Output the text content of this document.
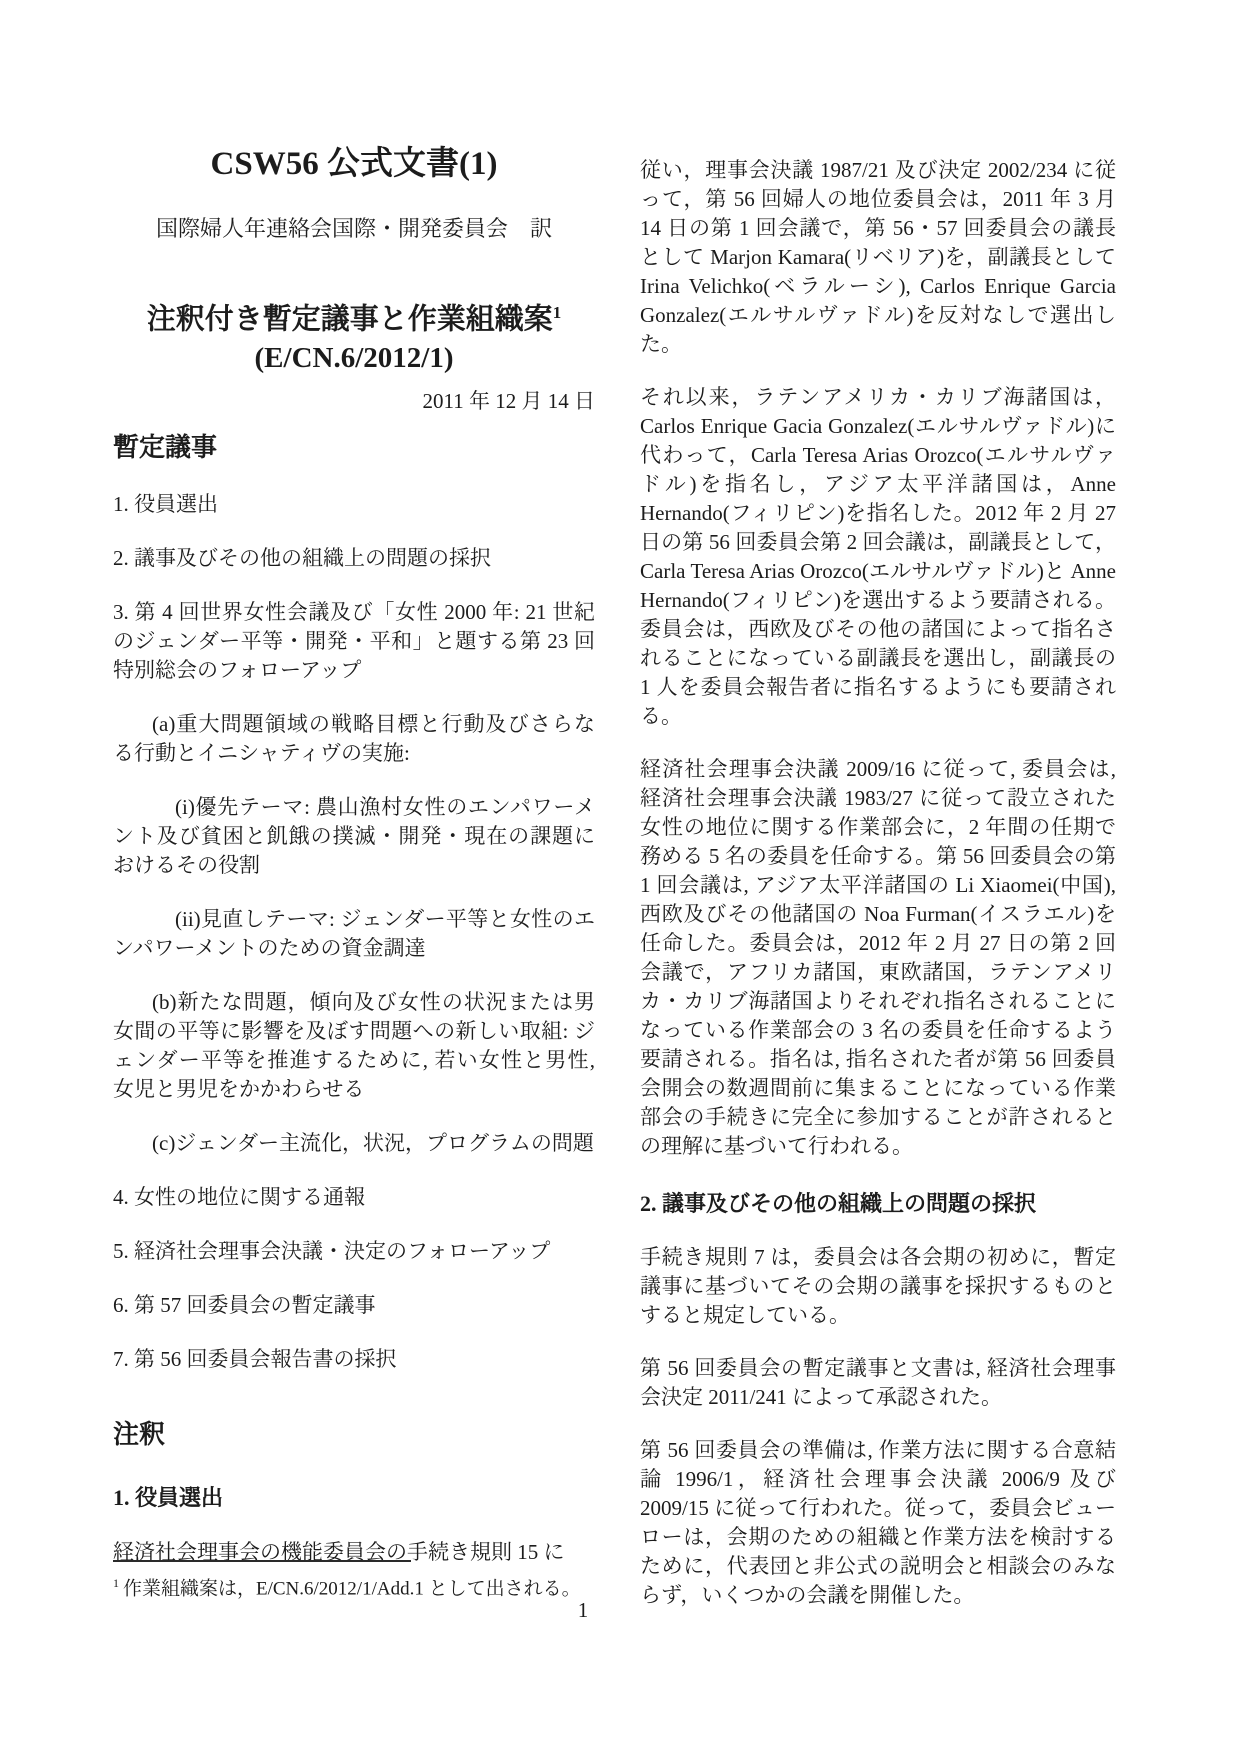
CSW56 公式文書(1)
国際婦人年連絡会国際・開発委員会　訳
注釈付き暫定議事と作業組織案$^1$
(E/CN.6/2012/1)
2011 年 12 月 14 日
暫定議事

1. 役員選出

2. 議事及びその他の組織上の問題の採択

3. 第 4 回世界女性会議及び「女性 2000 年: 21 世紀のジェンダー平等・開発・平和」と題する第 23 回特別総会のフォローアップ

(a)重大問題領域の戦略目標と行動及びさらなる行動とイニシャティヴの実施:

(i)優先テーマ: 農山漁村女性のエンパワーメント及び貧困と飢餓の撲滅・開発・現在の課題におけるその役割

(ii)見直しテーマ: ジェンダー平等と女性のエンパワーメントのための資金調達

(b)新たな問題，傾向及び女性の状況または男女間の平等に影響を及ぼす問題への新しい取組: ジェンダー平等を推進するために, 若い女性と男性, 女児と男児をかかわらせる

(c)ジェンダー主流化，状況，プログラムの問題

4. 女性の地位に関する通報

5. 経済社会理事会決議・決定のフォローアップ

6. 第 57 回委員会の暫定議事

7. 第 56 回委員会報告書の採択

注釈
1. 役員選出

経済社会理事会の機能委員会の手続き規則 15 に

従い，理事会決議 1987/21 及び決定 2002/234 に従って，第 56 回婦人の地位委員会は，2011 年 3 月 14 日の第 1 回会議で，第 56・57 回委員会の議長として Marjon Kamara(リベリア)を，副議長として Irina Velichko(ベラルーシ), Carlos Enrique Garcia Gonzalez(エルサルヴァドル)を反対なしで選出した。

それ以来，ラテンアメリカ・カリブ海諸国は，Carlos Enrique Gacia Gonzalez(エルサルヴァドル)に代わって，Carla Teresa Arias Orozco(エルサルヴァドル)を指名し，アジア太平洋諸国は，Anne Hernando(フィリピン)を指名した。2012 年 2 月 27 日の第 56 回委員会第 2 回会議は，副議長として，Carla Teresa Arias Orozco(エルサルヴァドル)と Anne Hernando(フィリピン)を選出するよう要請される。委員会は，西欧及びその他の諸国によって指名されることになっている副議長を選出し，副議長の 1 人を委員会報告者に指名するようにも要請される。

経済社会理事会決議 2009/16 に従って, 委員会は, 経済社会理事会決議 1983/27 に従って設立された女性の地位に関する作業部会に，2 年間の任期で務める 5 名の委員を任命する。第 56 回委員会の第 1 回会議は, アジア太平洋諸国の Li Xiaomei(中国), 西欧及びその他諸国の Noa Furman(イスラエル)を任命した。委員会は，2012 年 2 月 27 日の第 2 回会議で，アフリカ諸国，東欧諸国，ラテンアメリカ・カリブ海諸国よりそれぞれ指名されることになっている作業部会の 3 名の委員を任命するよう要請される。指名は, 指名された者が第 56 回委員会開会の数週間前に集まることになっている作業部会の手続きに完全に参加することが許されるとの理解に基づいて行われる。

2. 議事及びその他の組織上の問題の採択

手続き規則 7 は，委員会は各会期の初めに，暫定議事に基づいてその会期の議事を採択するものとすると規定している。

第 56 回委員会の暫定議事と文書は, 経済社会理事会決定 2011/241 によって承認された。

第 56 回委員会の準備は, 作業方法に関する合意結論 1996/1，経済社会理事会決議 2006/9 及び 2009/15 に従って行われた。従って，委員会ビューローは，会期のための組織と作業方法を検討するために，代表団と非公式の説明会と相談会のみならず，いくつかの会議を開催した。

$^1$ 作業組織案は，E/CN.6/2012/1/Add.1 として出される。

1
